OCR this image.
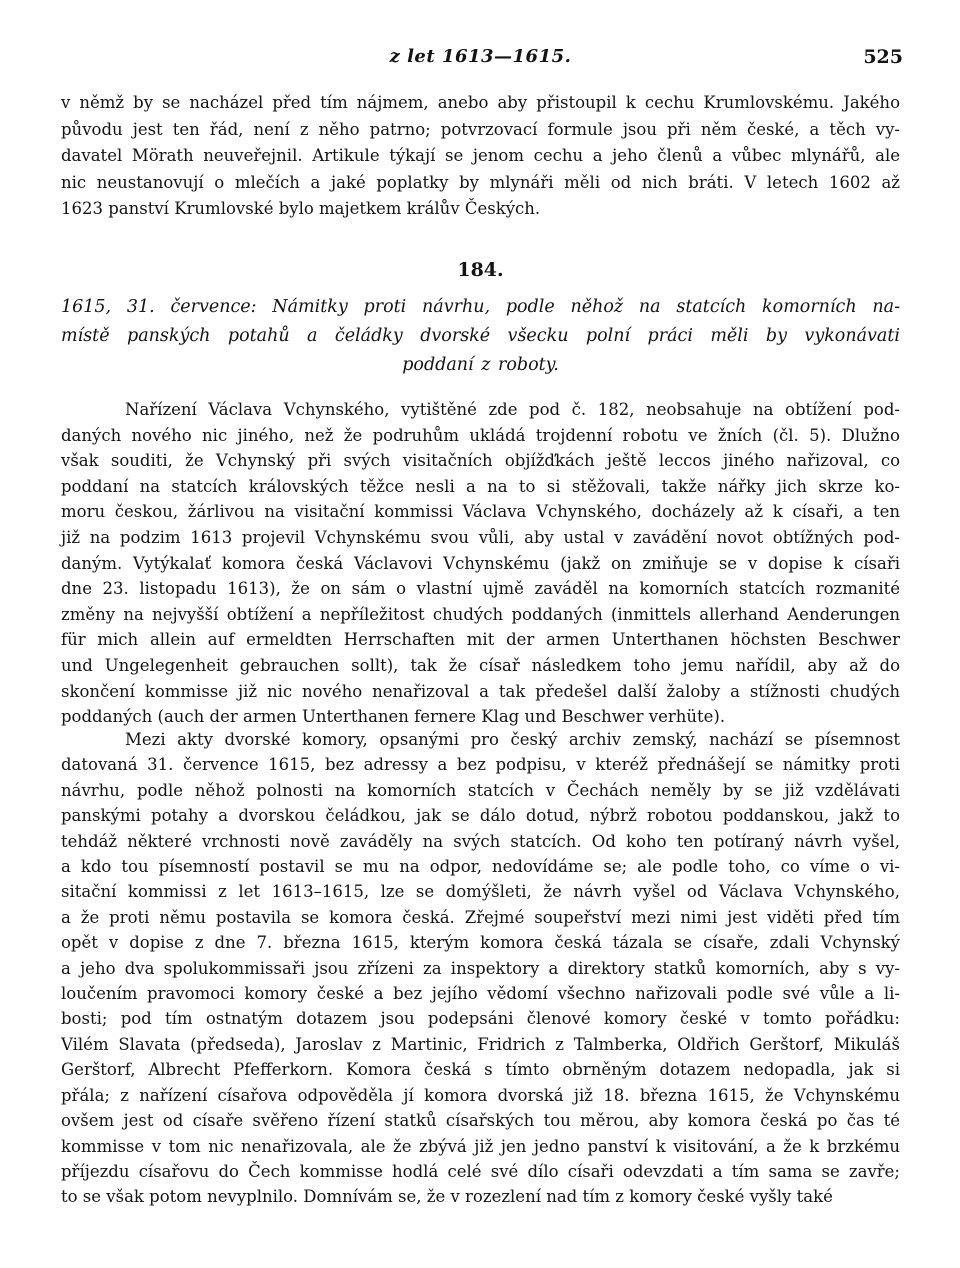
z let 1613—1615.	525
v němž by se nacházel před tím nájmem, anebo aby přistoupil k cechu Krumlovskému. Jakého
původu jest ten řád, není z něho patrno; potvrzovací formule jsou při něm české, a těch vy-
davatel Mörath neuveřejnil. Artikule týkají se jenom cechu a jeho členů a vůbec mlynářů, ale
nic neustanovují o mlečích a jaké poplatky by mlynáři měli od nich bráti. V letech 1602 až
1623 panství Krumlovské bylo majetkem králův Českých.
184.
1615, 31. července: Námitky proti návrhu, podle něhož na statcích komorních na-
místě panských potahů a čeládky dvorské všecku polní práci měli by vykonávati
poddaní z roboty.
Nařízení Václava Vchynského, vytištěné zde pod č. 182, neobsahuje na obtížení pod-
daných nového nic jiného, než že podruhům ukládá trojdenní robotu ve žních (čl. 5). Dlužno
však souditi, že Vchynský při svých visitačních objížďkách ještě leccos jiného nařizoval, co
poddaní na statcích královských těžce nesli a na to si stěžovali, takže nářky jich skrze ko-
moru českou, žárlivou na visitační kommissi Václava Vchynského, docházely až k císaři, a ten
již na podzim 1613 projevil Vchynskému svou vůli, aby ustal v zavádění novot obtížných pod-
daným. Vytýkalať komora česká Václavovi Vchynskému (jakž on zmiňuje se v dopise k císaři
dne 23. listopadu 1613), že on sám o vlastní ujmě zaváděl na komorních statcích rozmanité
změny na nejvyšší obtížení a nepříležitost chudých poddaných (inmittels allerhand Aenderungen
für mich allein auf ermeldten Herrschaften mit der armen Unterthanen höchsten Beschwer
und Ungelegenheit gebrauchen sollt), tak že císař následkem toho jemu nařídil, aby až do
skončení kommisse již nic nového nenařizoval a tak předešel další žaloby a stížnosti chudých
poddaných (auch der armen Unterthanen fernere Klag und Beschwer verhüte).
Mezi akty dvorské komory, opsanými pro český archiv zemský, nachází se písemnost
datovaná 31. července 1615, bez adressy a bez podpisu, v kteréž přednášejí se námitky proti
návrhu, podle něhož polnosti na komorních statcích v Čechách neměly by se již vzdělávati
panskými potahy a dvorskou čeládkou, jak se dálo dotud, nýbrž robotou poddanskou, jakž to
tehdáž některé vrchnosti nově zaváděly na svých statcích. Od koho ten potíraný návrh vyšel,
a kdo tou písemností postavil se mu na odpor, nedovídáme se; ale podle toho, co víme o vi-
sitační kommissi z let 1613–1615, lze se domýšleti, že návrh vyšel od Václava Vchynského,
a že proti němu postavila se komora česká. Zřejmé soupeřství mezi nimi jest viděti před tím
opět v dopise z dne 7. března 1615, kterým komora česká tázala se císaře, zdali Vchynský
a jeho dva spolukommissaři jsou zřízeni za inspektory a direktory statků komorních, aby s vy-
loučením pravomoci komory české a bez jejího vědomí všechno nařizovali podle své vůle a li-
bosti; pod tím ostnatým dotazem jsou podepsáni členové komory české v tomto pořádku:
Vilém Slavata (předseda), Jaroslav z Martinic, Fridrich z Talmberka, Oldřich Gerštorf, Mikuláš
Gerštorf, Albrecht Pfefferkorn. Komora česká s tímto obrněným dotazem nedopadla, jak si
přála; z nařízení císařova odpověděla jí komora dvorská již 18. března 1615, že Vchynskému
ovšem jest od císaře svěřeno řízení statků císařských tou měrou, aby komora česká po čas té
kommisse v tom nic nenařizovala, ale že zbývá již jen jedno panství k visitování, a že k brzkému
příjezdu císařovu do Čech kommisse hodlá celé své dílo císaři odevzdati a tím sama se zavře;
to se však potom nevyplnilo. Domnívám se, že v rozezlení nad tím z komory české vyšly také
